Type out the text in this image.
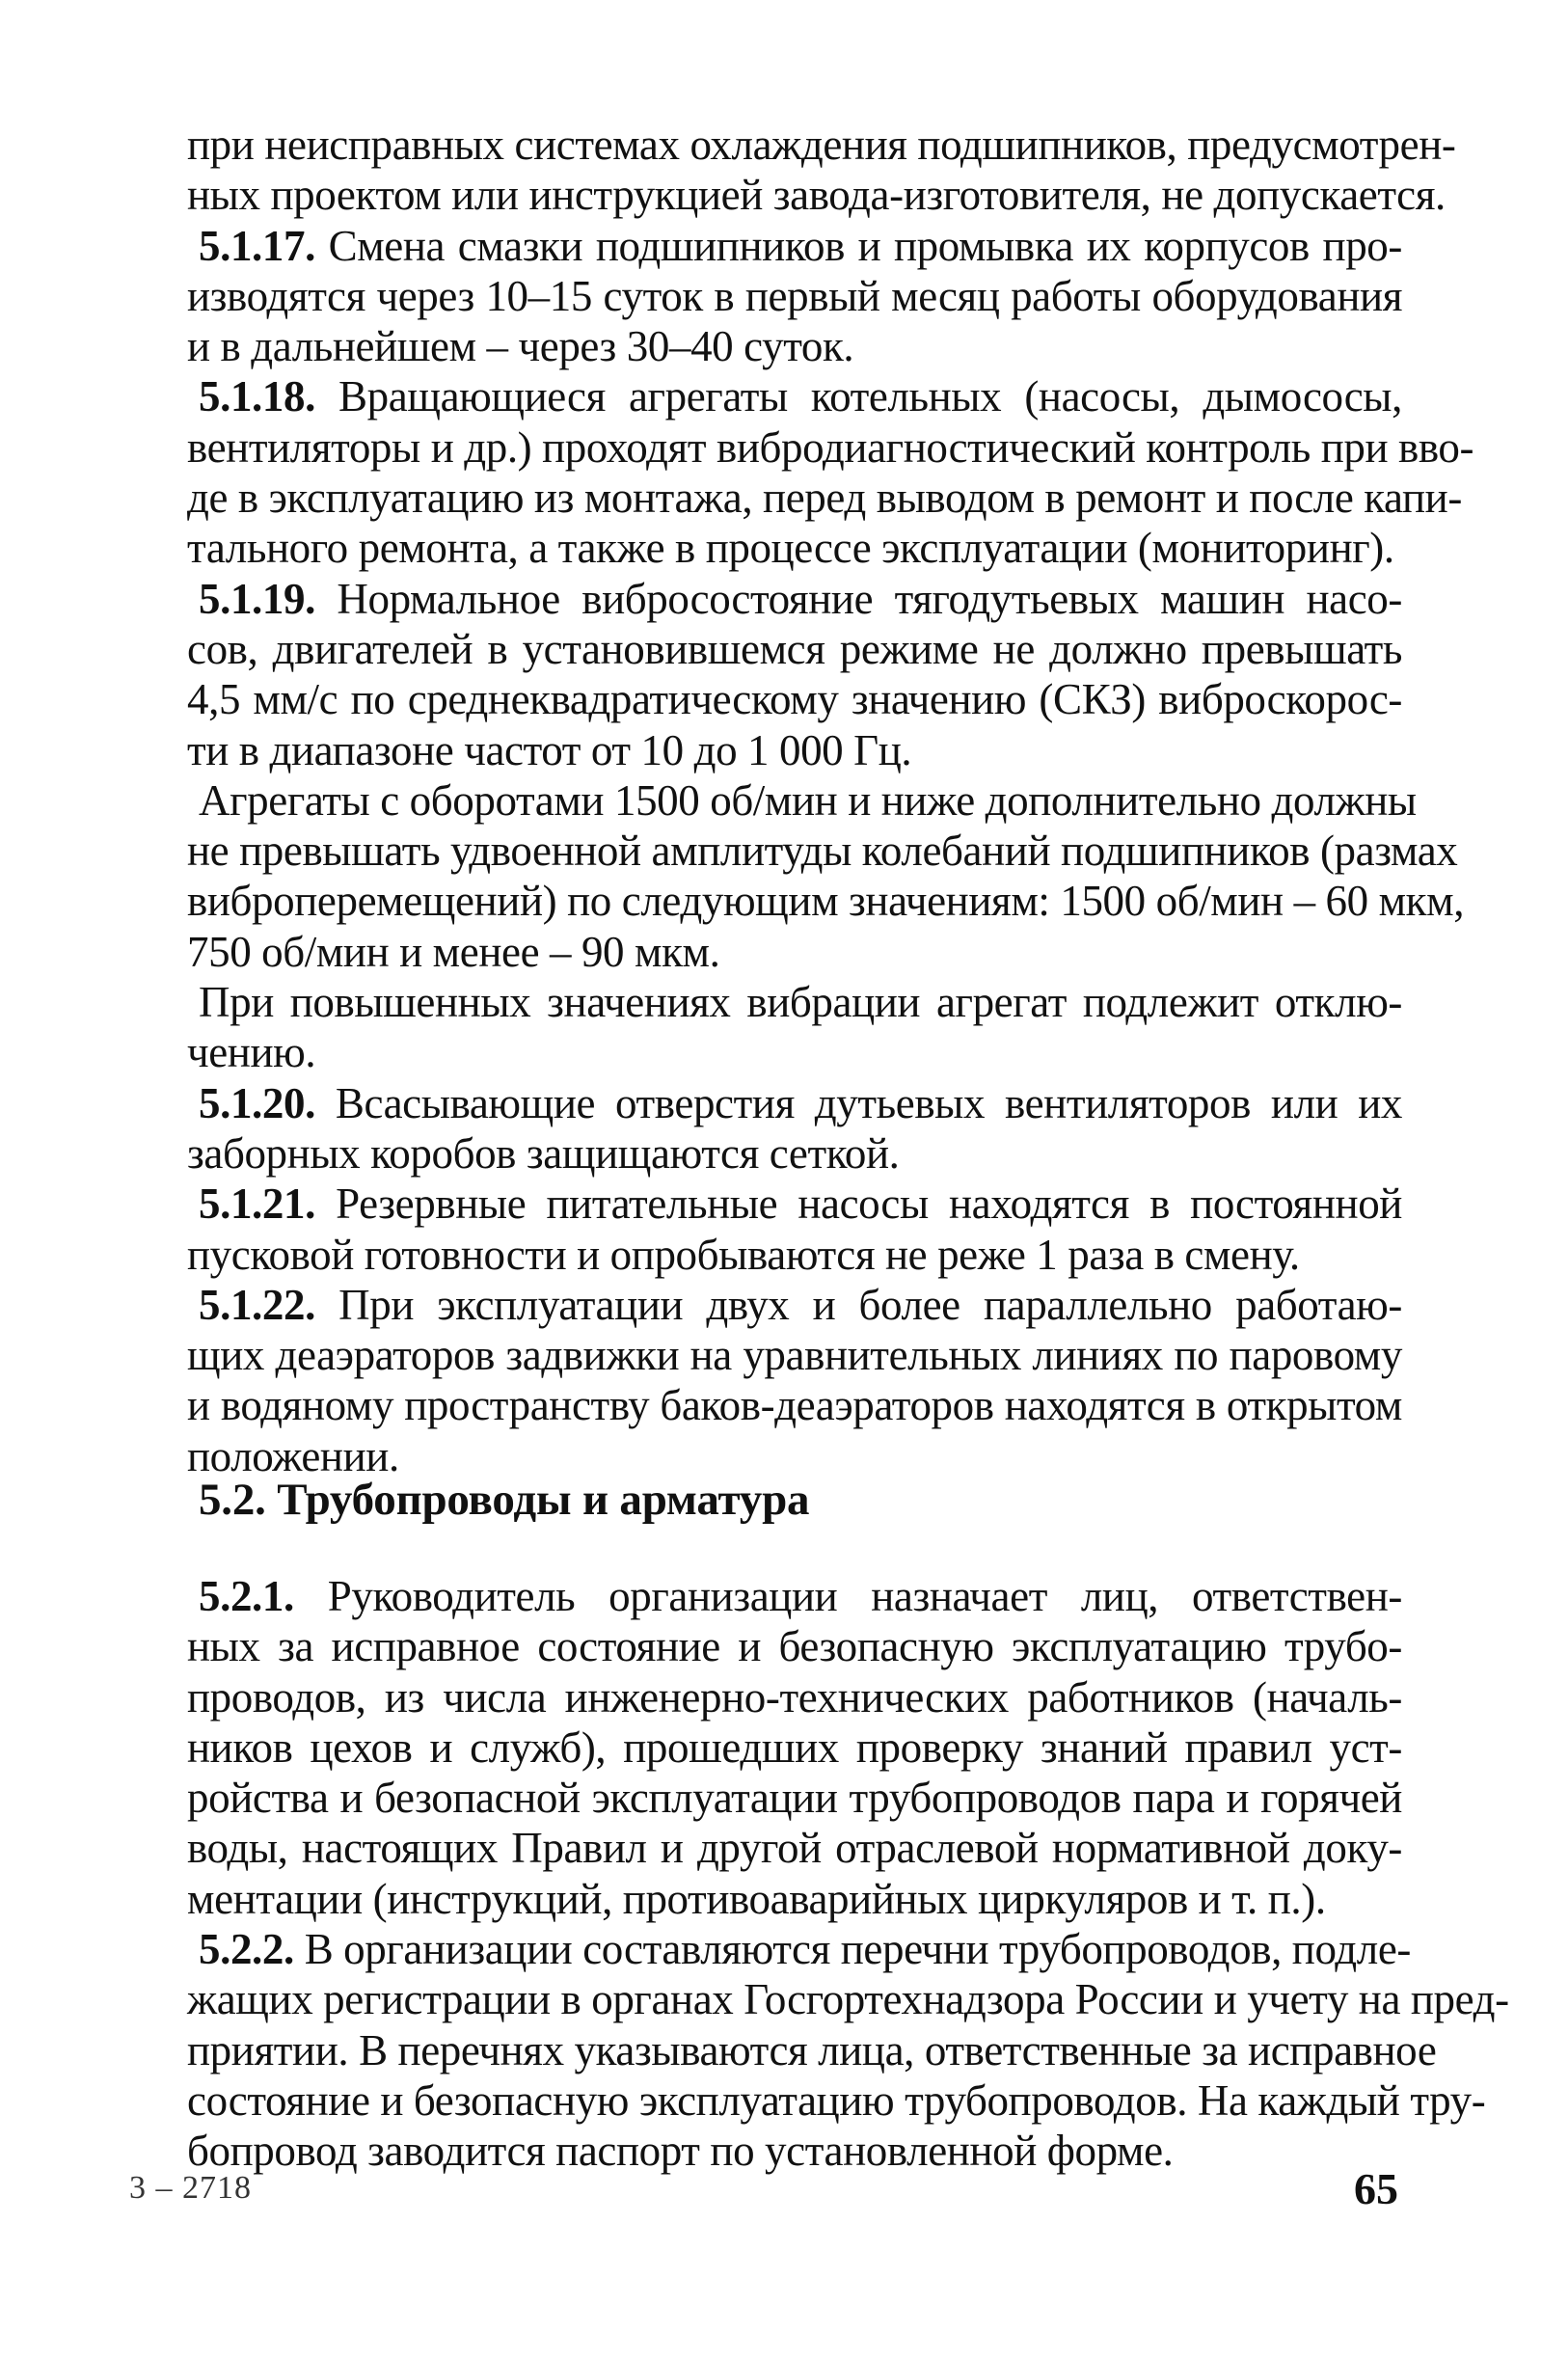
при неисправных системах охлаждения подшипников, предусмотрен-
ных проектом или инструкцией завода-изготовителя, не допускается.
5.1.17. Смена смазки подшипников и промывка их корпусов про-
изводятся через 10–15 суток в первый месяц работы оборудования
и в дальнейшем – через 30–40 суток.
5.1.18. Вращающиеся агрегаты котельных (насосы, дымососы,
вентиляторы и др.) проходят вибродиагностический контроль при вво-
де в эксплуатацию из монтажа, перед выводом в ремонт и после капи-
тального ремонта, а также в процессе эксплуатации (мониторинг).
5.1.19. Нормальное вибросостояние тягодутьевых машин насо-
сов, двигателей в установившемся режиме не должно превышать
4,5 мм/с по среднеквадратическому значению (СКЗ) виброскорос-
ти в диапазоне частот от 10 до 1 000 Гц.
Агрегаты с оборотами 1500 об/мин и ниже дополнительно должны
не превышать удвоенной амплитуды колебаний подшипников (размах
виброперемещений) по следующим значениям: 1500 об/мин – 60 мкм,
750 об/мин и менее – 90 мкм.
При повышенных значениях вибрации агрегат подлежит отклю-
чению.
5.1.20. Всасывающие отверстия дутьевых вентиляторов или их
заборных коробов защищаются сеткой.
5.1.21. Резервные питательные насосы находятся в постоянной
пусковой готовности и опробываются не реже 1 раза в смену.
5.1.22. При эксплуатации двух и более параллельно работаю-
щих деаэраторов задвижки на уравнительных линиях по паровому
и водяному пространству баков-деаэраторов находятся в открытом
положении.
5.2. Трубопроводы и арматура
5.2.1. Руководитель организации назначает лиц, ответствен-
ных за исправное состояние и безопасную эксплуатацию трубо-
проводов, из числа инженерно-технических работников (началь-
ников цехов и служб), прошедших проверку знаний правил уст-
ройства и безопасной эксплуатации трубопроводов пара и горячей
воды, настоящих Правил и другой отраслевой нормативной доку-
ментации (инструкций, противоаварийных циркуляров и т. п.).
5.2.2. В организации составляются перечни трубопроводов, подле-
жащих регистрации в органах Госгортехнадзора России и учету на пред-
приятии. В перечнях указываются лица, ответственные за исправное
состояние и безопасную эксплуатацию трубопроводов. На каждый тру-
бопровод заводится паспорт по установленной форме.
3 – 2718	65
